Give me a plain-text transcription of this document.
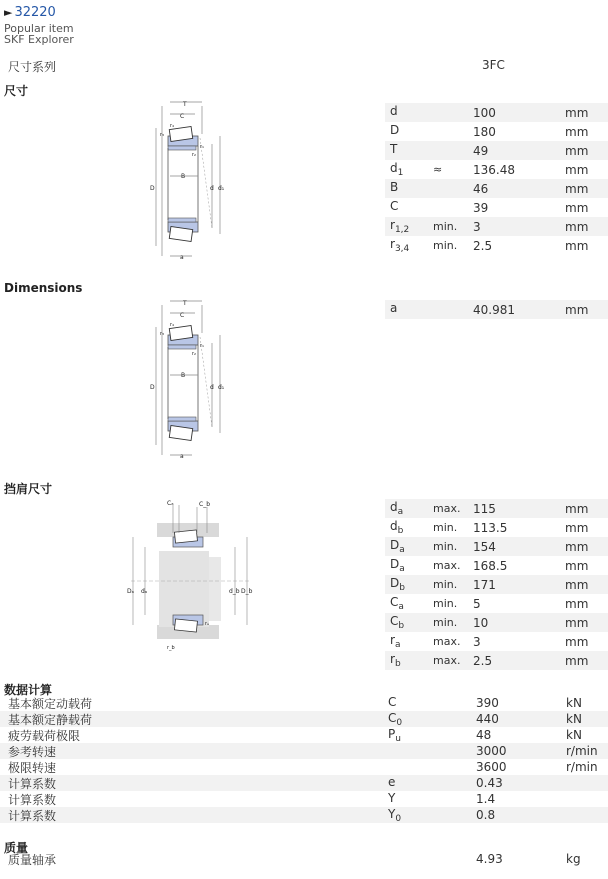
► 32220
Popular item
SKF Explorer
尺寸系列	3FC
尺寸
T
C
D	d d₁
B
a
r₃
r₄
r₁
r₂
d	100	mm
D	180	mm
T	49	mm
$d_1$	≈	136.48	mm
B	46	mm
C	39	mm
$r_{1,2}$	min.	3	mm
$r_{3,4}$	min.	2.5	mm
Dimensions
T
C
D	d d₁
B
a
r₃
r₄
r₁
r₂
a	40.981	mm
挡肩尺寸
Cₐ	C_b
Dₐ dₐ	d_b D_b
rₐ
r_b
$d_a$	max.	115	mm
$d_b$	min.	113.5	mm
$D_a$	min.	154	mm
$D_a$	max.	168.5	mm
$D_b$	min.	171	mm
$C_a$	min.	5	mm
$C_b$	min.	10	mm
$r_a$	max.	3	mm
$r_b$	max.	2.5	mm
数据计算
基本额定动载荷	C	390	kN
基本额定静载荷	$C_0$	440	kN
疲劳载荷极限	$P_u$	48	kN
参考转速	3000	r/min
极限转速	3600	r/min
计算系数	e	0.43
计算系数	Y	1.4
计算系数	$Y_0$	0.8
质量
质量轴承	4.93	kg
